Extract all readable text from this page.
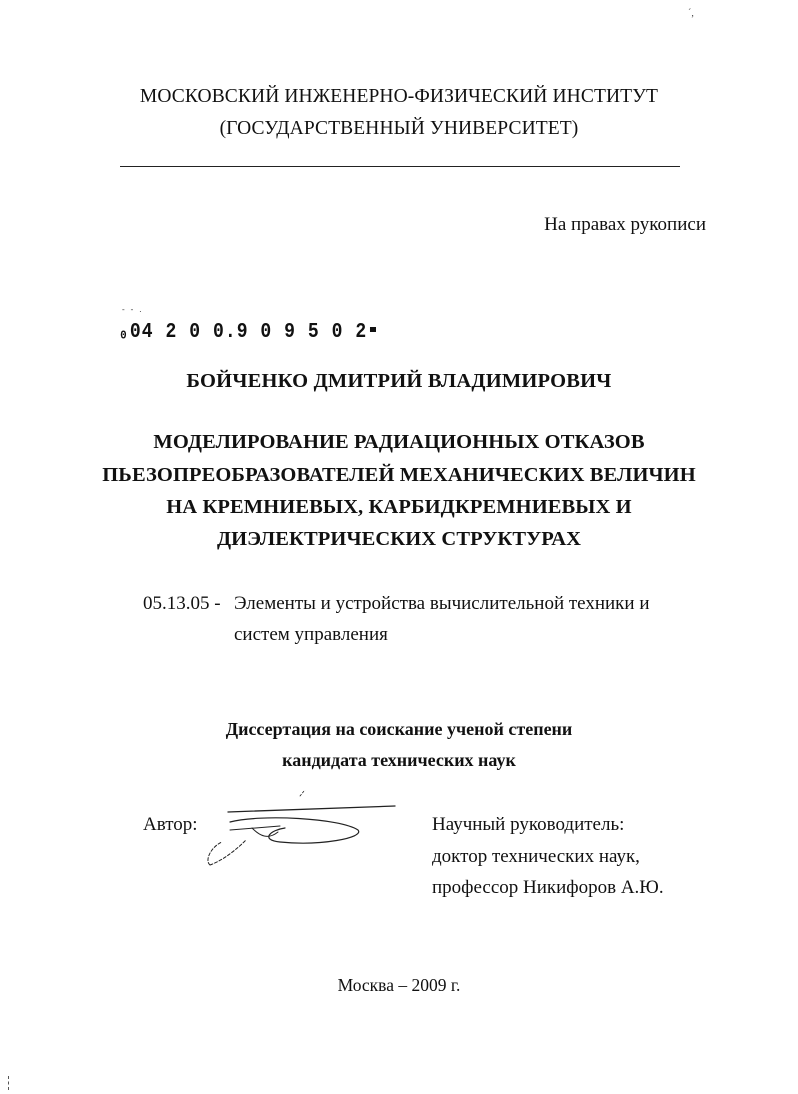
´,
МОСКОВСКИЙ ИНЖЕНЕРНО-ФИЗИЧЕСКИЙ ИНСТИТУТ
(ГОСУДАРСТВЕННЫЙ УНИВЕРСИТЕТ)
На правах рукописи
- - .
₀04 2 0 0.9 0 9 5 0 2
БОЙЧЕНКО ДМИТРИЙ ВЛАДИМИРОВИЧ
МОДЕЛИРОВАНИЕ РАДИАЦИОННЫХ ОТКАЗОВ
ПЬЕЗОПРЕОБРАЗОВАТЕЛЕЙ МЕХАНИЧЕСКИХ ВЕЛИЧИН
НА КРЕМНИЕВЫХ, КАРБИДКРЕМНИЕВЫХ И
ДИЭЛЕКТРИЧЕСКИХ СТРУКТУРАХ
05.13.05 - Элементы и устройства вычислительной техники и
систем управления
Диссертация на соискание ученой степени
кандидата технических наук
Автор:	Научный руководитель:
доктор технических наук,
профессор Никифоров А.Ю.
Москва – 2009 г.
